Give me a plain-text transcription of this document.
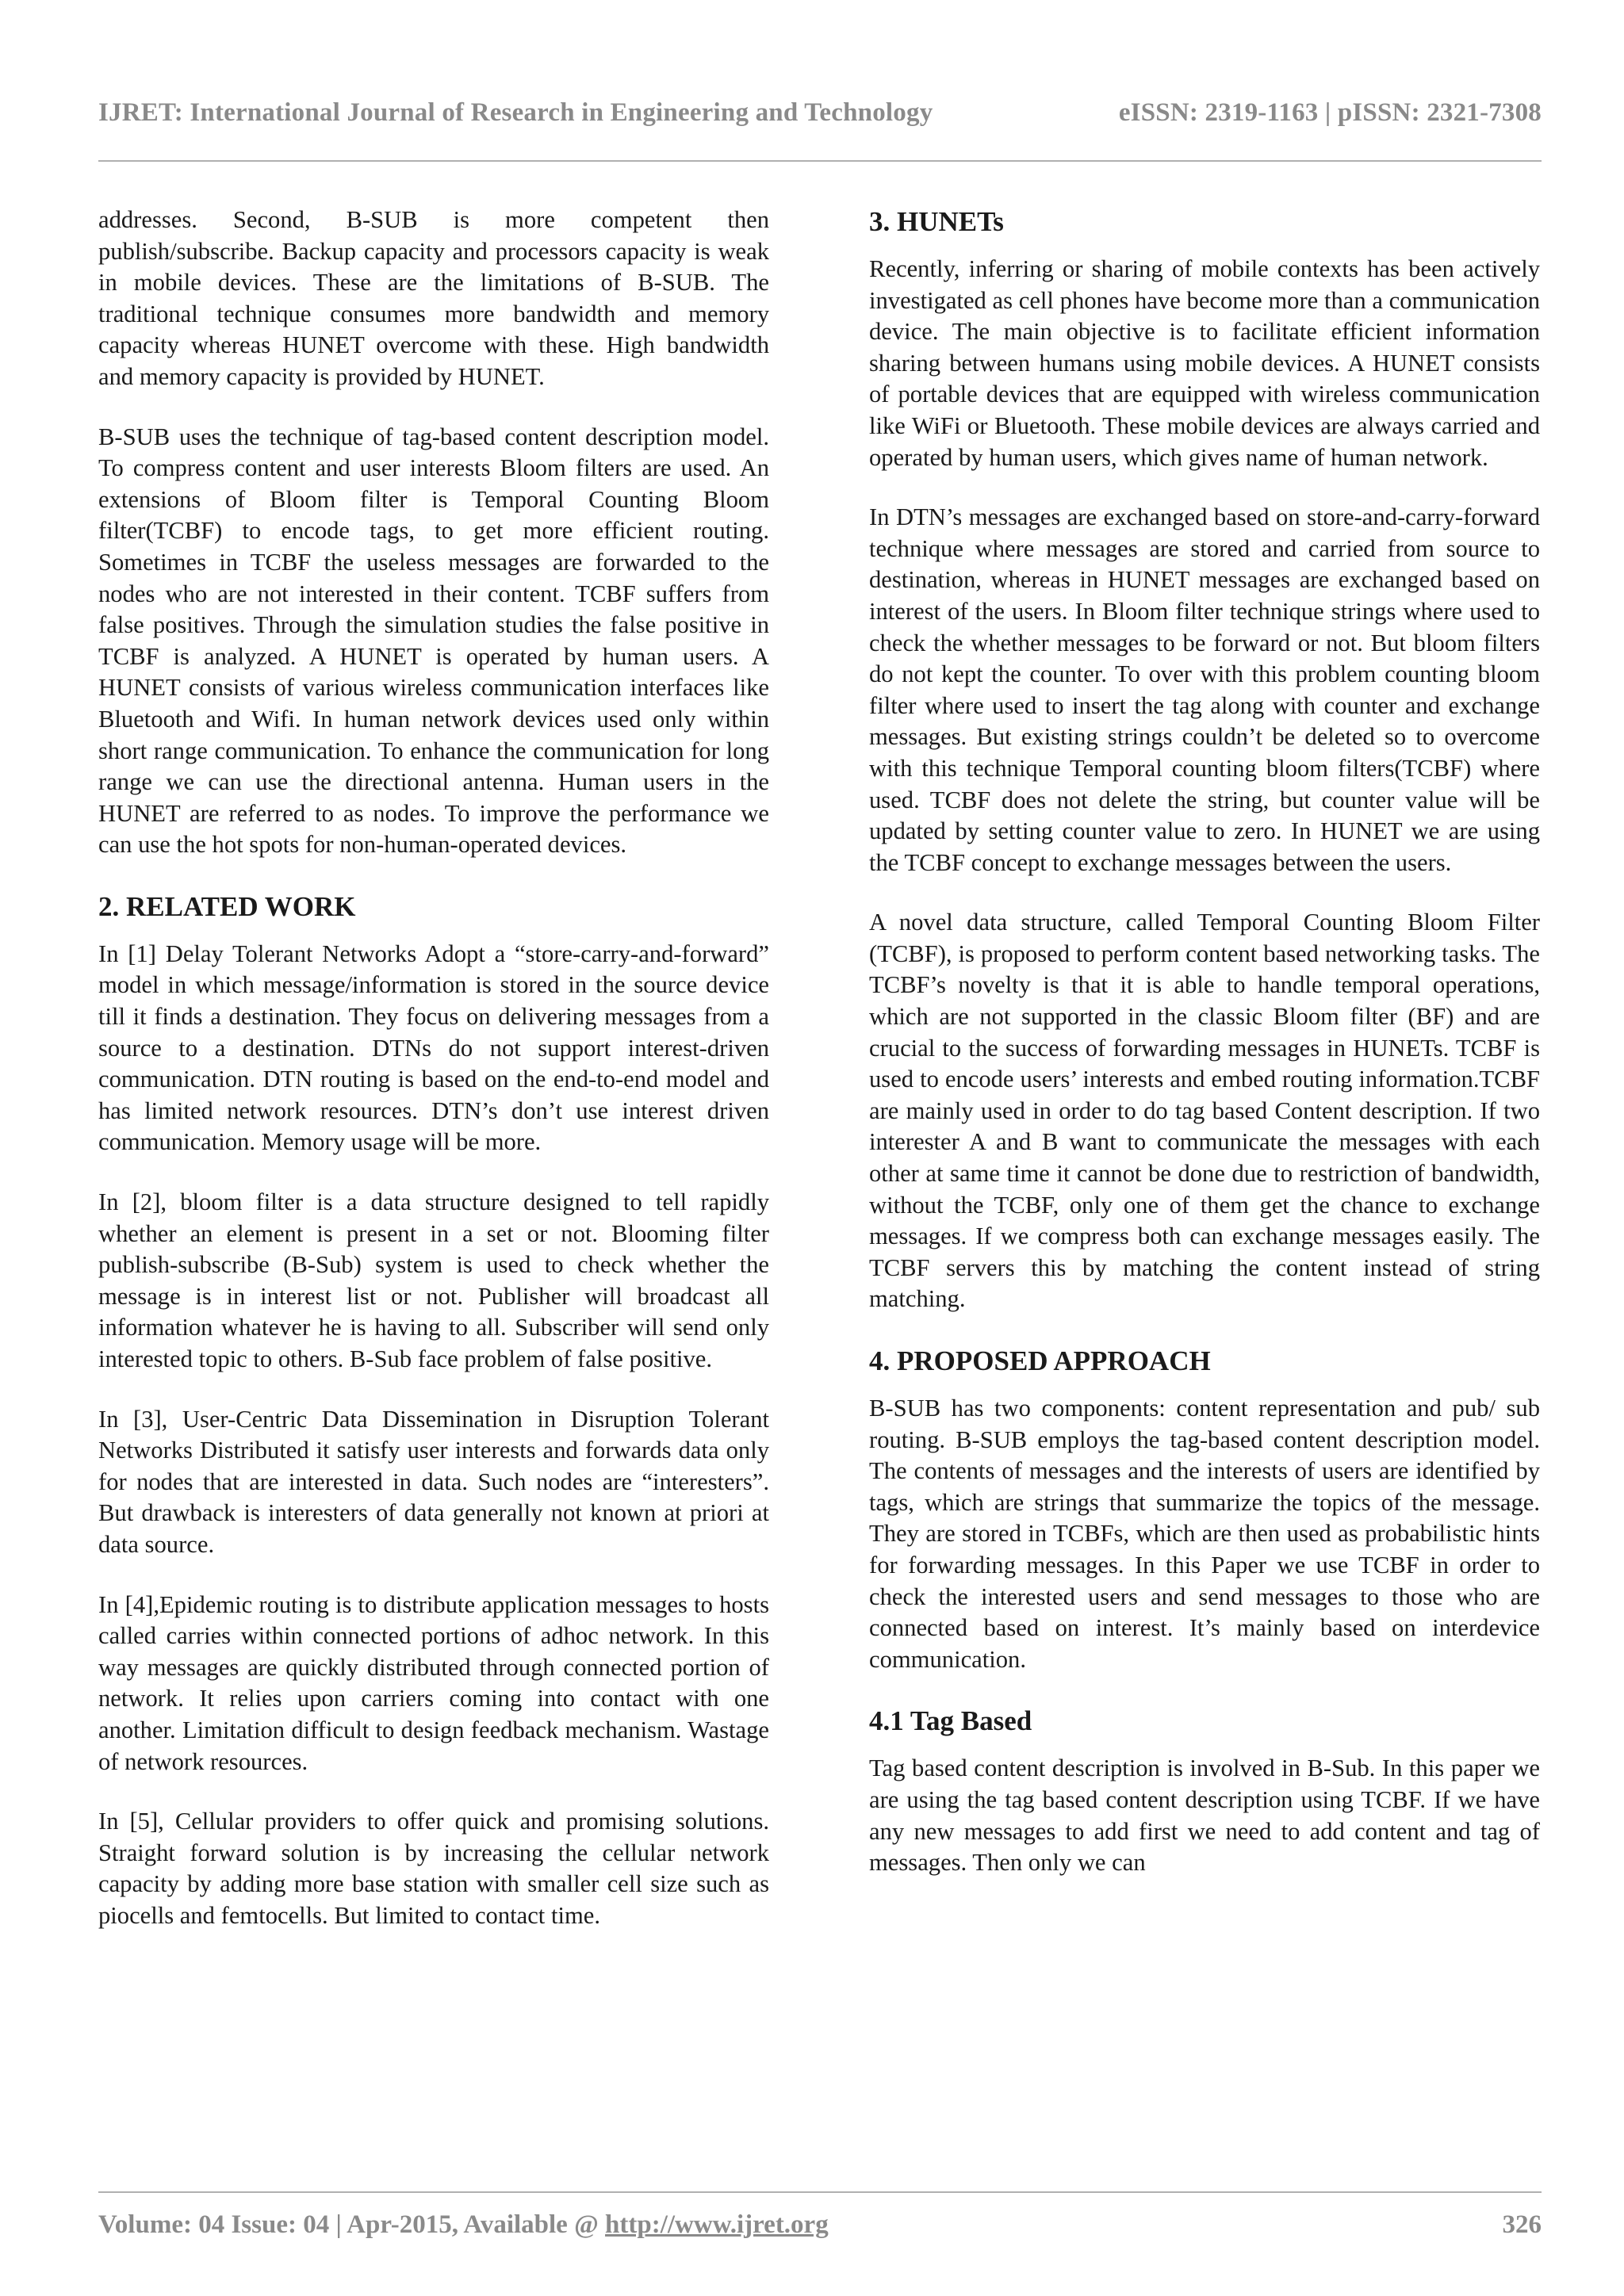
IJRET: International Journal of Research in Engineering and Technology	eISSN: 2319-1163 | pISSN: 2321-7308

addresses. Second, B-SUB is more competent then publish/subscribe. Backup capacity and processors capacity is weak in mobile devices. These are the limitations of B-SUB. The traditional technique consumes more bandwidth and memory capacity whereas HUNET overcome with these. High bandwidth and memory capacity is provided by HUNET.

B-SUB uses the technique of tag-based content description model. To compress content and user interests Bloom filters are used. An extensions of Bloom filter is Temporal Counting Bloom filter(TCBF) to encode tags, to get more efficient routing. Sometimes in TCBF the useless messages are forwarded to the nodes who are not interested in their content. TCBF suffers from false positives. Through the simulation studies the false positive in TCBF is analyzed. A HUNET is operated by human users. A HUNET consists of various wireless communication interfaces like Bluetooth and Wifi. In human network devices used only within short range communication. To enhance the communication for long range we can use the directional antenna. Human users in the HUNET are referred to as nodes. To improve the performance we can use the hot spots for non-human-operated devices.

2. RELATED WORK

In [1] Delay Tolerant Networks Adopt a “store-carry-and-forward” model in which message/information is stored in the source device till it finds a destination. They focus on delivering messages from a source to a destination. DTNs do not support interest-driven communication. DTN routing is based on the end-to-end model and has limited network resources. DTN’s don’t use interest driven communication. Memory usage will be more.

In [2], bloom filter is a data structure designed to tell rapidly whether an element is present in a set or not. Blooming filter publish-subscribe (B-Sub) system is used to check whether the message is in interest list or not. Publisher will broadcast all information whatever he is having to all. Subscriber will send only interested topic to others. B-Sub face problem of false positive.

In [3], User-Centric Data Dissemination in Disruption Tolerant Networks Distributed it satisfy user interests and forwards data only for nodes that are interested in data. Such nodes are “interesters”. But drawback is interesters of data generally not known at priori at data source.

In [4],Epidemic routing is to distribute application messages to hosts called carries within connected portions of adhoc network. In this way messages are quickly distributed through connected portion of network. It relies upon carriers coming into contact with one another. Limitation difficult to design feedback mechanism. Wastage of network resources.

In [5], Cellular providers to offer quick and promising solutions. Straight forward solution is by increasing the cellular network capacity by adding more base station with smaller cell size such as piocells and femtocells. But limited to contact time.

3. HUNETs

Recently, inferring or sharing of mobile contexts has been actively investigated as cell phones have become more than a communication device. The main objective is to facilitate efficient information sharing between humans using mobile devices. A HUNET consists of portable devices that are equipped with wireless communication like WiFi or Bluetooth. These mobile devices are always carried and operated by human users, which gives name of human network.

In DTN’s messages are exchanged based on store-and-carry-forward technique where messages are stored and carried from source to destination, whereas in HUNET messages are exchanged based on interest of the users. In Bloom filter technique strings where used to check the whether messages to be forward or not. But bloom filters do not kept the counter. To over with this problem counting bloom filter where used to insert the tag along with counter and exchange messages. But existing strings couldn’t be deleted so to overcome with this technique Temporal counting bloom filters(TCBF) where used. TCBF does not delete the string, but counter value will be updated by setting counter value to zero. In HUNET we are using the TCBF concept to exchange messages between the users.

A novel data structure, called Temporal Counting Bloom Filter (TCBF), is proposed to perform content based networking tasks. The TCBF’s novelty is that it is able to handle temporal operations, which are not supported in the classic Bloom filter (BF) and are crucial to the success of forwarding messages in HUNETs. TCBF is used to encode users’ interests and embed routing information.TCBF are mainly used in order to do tag based Content description. If two interester A and B want to communicate the messages with each other at same time it cannot be done due to restriction of bandwidth, without the TCBF, only one of them get the chance to exchange messages. If we compress both can exchange messages easily. The TCBF servers this by matching the content instead of string matching.

4. PROPOSED APPROACH

B-SUB has two components: content representation and pub/ sub routing. B-SUB employs the tag-based content description model. The contents of messages and the interests of users are identified by tags, which are strings that summarize the topics of the message. They are stored in TCBFs, which are then used as probabilistic hints for forwarding messages. In this Paper we use TCBF in order to check the interested users and send messages to those who are connected based on interest. It’s mainly based on interdevice communication.

4.1 Tag Based

Tag based content description is involved in B-Sub. In this paper we are using the tag based content description using TCBF. If we have any new messages to add first we need to add content and tag of messages. Then only we can

Volume: 04 Issue: 04 | Apr-2015, Available @ http://www.ijret.org	326
